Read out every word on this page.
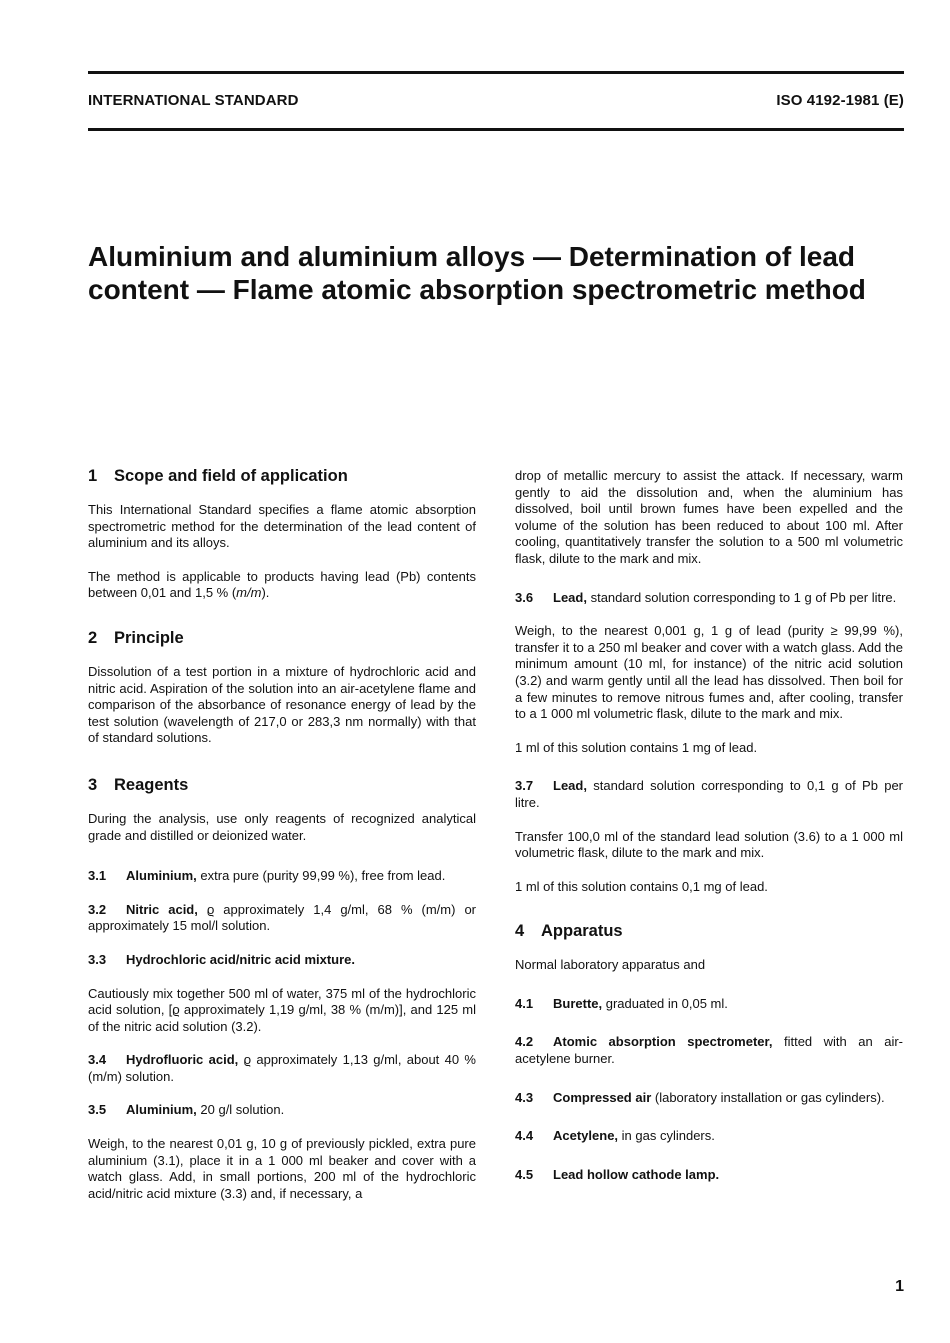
INTERNATIONAL STANDARD	ISO 4192-1981 (E)
Aluminium and aluminium alloys — Determination of lead content — Flame atomic absorption spectrometric method
1 Scope and field of application

This International Standard specifies a flame atomic absorption spectrometric method for the determination of the lead content of aluminium and its alloys.

The method is applicable to products having lead (Pb) contents between 0,01 and 1,5 % (m/m).

2 Principle

Dissolution of a test portion in a mixture of hydrochloric acid and nitric acid. Aspiration of the solution into an air-acetylene flame and comparison of the absorbance of resonance energy of lead by the test solution (wavelength of 217,0 or 283,3 nm normally) with that of standard solutions.

3 Reagents

During the analysis, use only reagents of recognized analytical grade and distilled or deionized water.

3.1 Aluminium, extra pure (purity 99,99 %), free from lead.

3.2 Nitric acid, ϱ approximately 1,4 g/ml, 68 % (m/m) or approximately 15 mol/l solution.

3.3 Hydrochloric acid/nitric acid mixture.

Cautiously mix together 500 ml of water, 375 ml of the hydrochloric acid solution, [ϱ approximately 1,19 g/ml, 38 % (m/m)], and 125 ml of the nitric acid solution (3.2).

3.4 Hydrofluoric acid, ϱ approximately 1,13 g/ml, about 40 % (m/m) solution.

3.5 Aluminium, 20 g/l solution.

Weigh, to the nearest 0,01 g, 10 g of previously pickled, extra pure aluminium (3.1), place it in a 1 000 ml beaker and cover with a watch glass. Add, in small portions, 200 ml of the hydrochloric acid/nitric acid mixture (3.3) and, if necessary, a

drop of metallic mercury to assist the attack. If necessary, warm gently to aid the dissolution and, when the aluminium has dissolved, boil until brown fumes have been expelled and the volume of the solution has been reduced to about 100 ml. After cooling, quantitatively transfer the solution to a 500 ml volumetric flask, dilute to the mark and mix.

3.6 Lead, standard solution corresponding to 1 g of Pb per litre.

Weigh, to the nearest 0,001 g, 1 g of lead (purity ≥ 99,99 %), transfer it to a 250 ml beaker and cover with a watch glass. Add the minimum amount (10 ml, for instance) of the nitric acid solution (3.2) and warm gently until all the lead has dissolved. Then boil for a few minutes to remove nitrous fumes and, after cooling, transfer to a 1 000 ml volumetric flask, dilute to the mark and mix.

1 ml of this solution contains 1 mg of lead.

3.7 Lead, standard solution corresponding to 0,1 g of Pb per litre.

Transfer 100,0 ml of the standard lead solution (3.6) to a 1 000 ml volumetric flask, dilute to the mark and mix.

1 ml of this solution contains 0,1 mg of lead.

4 Apparatus

Normal laboratory apparatus and

4.1 Burette, graduated in 0,05 ml.

4.2 Atomic absorption spectrometer, fitted with an air-acetylene burner.

4.3 Compressed air (laboratory installation or gas cylinders).

4.4 Acetylene, in gas cylinders.

4.5 Lead hollow cathode lamp.

1
